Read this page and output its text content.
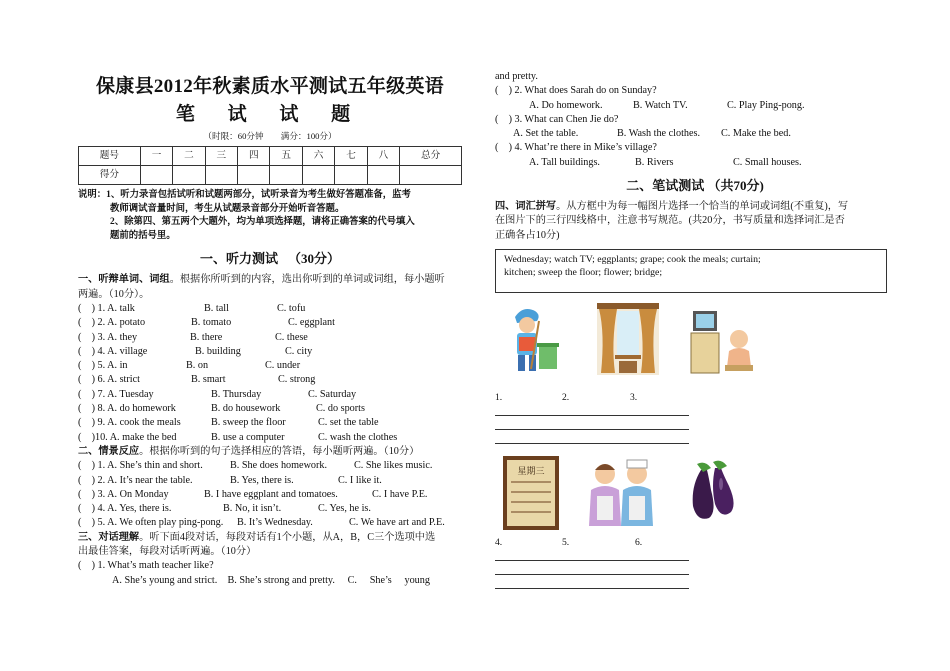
保康县2012年秋素质水平测试五年级英语
笔 试 试 题
（时限：60分钟　　满分：100分）
题号	一	二	三	四	五	六	七	八	总分
得分									
说明：1、听力录音包括试听和试题两部分，试听录音为考生做好答题准备，监考
教师调试音量时间，考生从试题录音部分开始听音答题。
2、除第四、第五两个大题外，均为单项选择题，请将正确答案的代号填入
题前的括号里。
一、听力测试 （30分）
一、听辩单词、词组。根据你所听到的内容，选出你听到的单词或词组，每小题听
两遍。（10分）。
(　) 1. A. talk	B. tall	C. tofu
(　) 2. A. potato	B. tomato	C. eggplant
(　) 3. A. they	B. there	C. these
(　) 4. A. village	B. building	C. city
(　) 5. A. in	B. on	C. under
(　) 6. A. strict	B. smart	C. strong
(　) 7. A. Tuesday	B. Thursday	C. Saturday
(　) 8. A. do homework	B. do housework	C. do sports
(　) 9. A. cook the meals	B. sweep the floor	C. set the table
(　)10. A. make the bed	B. use a computer	C. wash the clothes
二、情景反应。根据你听到的句子选择相应的答语，每小题听两遍。（10分）
(　) 1. A. She’s thin and short.	B. She does homework.	C. She likes music.
(　) 2. A. It’s near the table.	B. Yes, there is.	C. I like it.
(　) 3. A. On Monday	B. I have eggplant and tomatoes.	C. I have P.E.
(　) 4. A. Yes, there is.	B. No, it isn’t.	C. Yes, he is.
(　) 5. A. We often play ping-pong. B. It’s Wednesday.	C. We have art and P.E.
三、对话理解。听下面4段对话，每段对话有1个小题，从A，B，C三个选项中选
出最佳答案，每段对话听两遍。（10分）
(　) 1. What’s math teacher like?
A. She’s young and strict.　B. She’s strong and pretty.　 C.　 She’s　 young
and pretty.
(　) 2. What does Sarah do on Sunday?
A. Do homework.	B. Watch TV.	C. Play Ping-pong.
(　) 3. What can Chen Jie do?
A. Set the table.	B. Wash the clothes. C. Make the bed.
(　) 4. What’re there in Mike’s village?
A. Tall buildings.	B. Rivers	C. Small houses.
二、笔试测试 （共70分)
四、词汇拼写。从方框中为每一幅图片选择一个恰当的单词或词组(不重复)，写
在图片下的三行四线格中，注意书写规范。(共20分，书写质量和选择词汇是否
正确各占10分)
Wednesday; watch TV; eggplants; grape; cook the meals; curtain;
kitchen; sweep the floor; flower; bridge;
1.	2.	3.
星期三
4.	5.	6.
